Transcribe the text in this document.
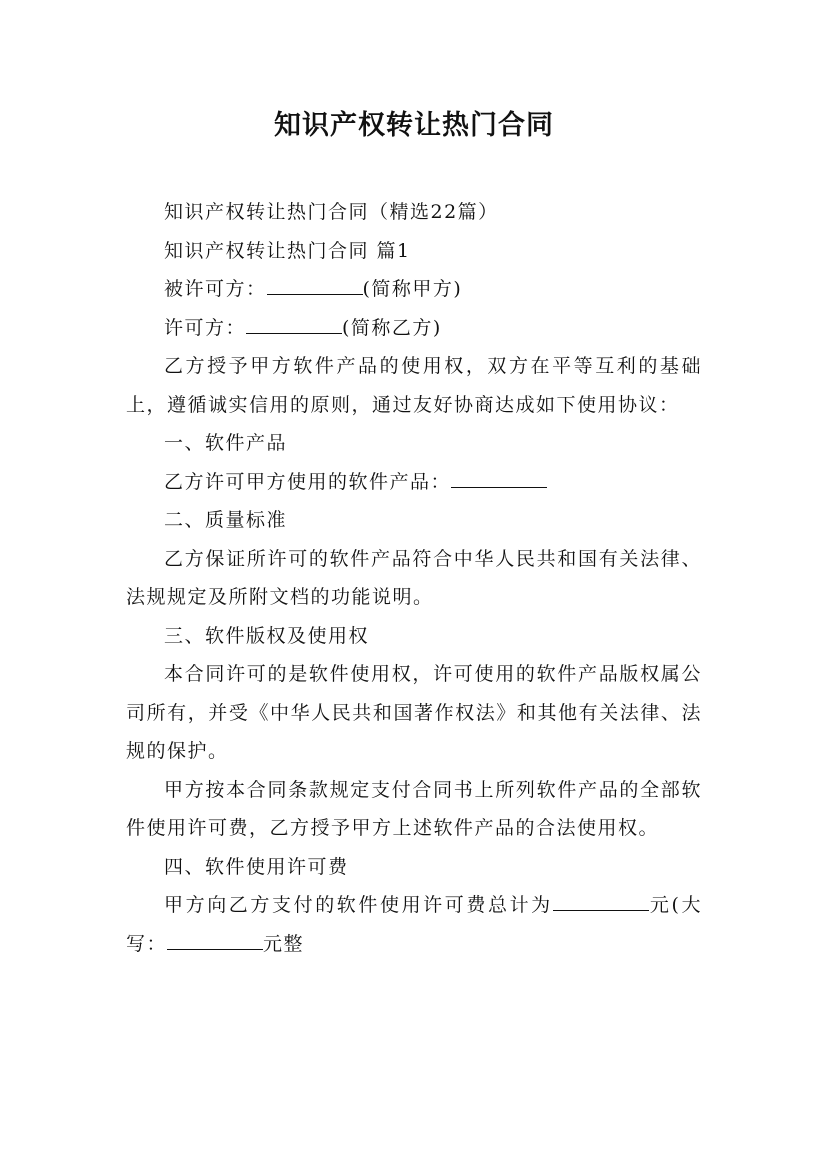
知识产权转让热门合同

知识产权转让热门合同（精选22篇）

知识产权转让热门合同 篇1

被许可方：	(简称甲方)

许可方：	(简称乙方)

乙方授予甲方软件产品的使用权，双方在平等互利的基础上，遵循诚实信用的原则，通过友好协商达成如下使用协议：

一、软件产品

乙方许可甲方使用的软件产品：

二、质量标准

乙方保证所许可的软件产品符合中华人民共和国有关法律、法规规定及所附文档的功能说明。

三、软件版权及使用权

本合同许可的是软件使用权，许可使用的软件产品版权属公司所有，并受《中华人民共和国著作权法》和其他有关法律、法规的保护。

甲方按本合同条款规定支付合同书上所列软件产品的全部软件使用许可费，乙方授予甲方上述软件产品的合法使用权。

四、软件使用许可费

甲方向乙方支付的软件使用许可费总计为	元(大写：	元整
